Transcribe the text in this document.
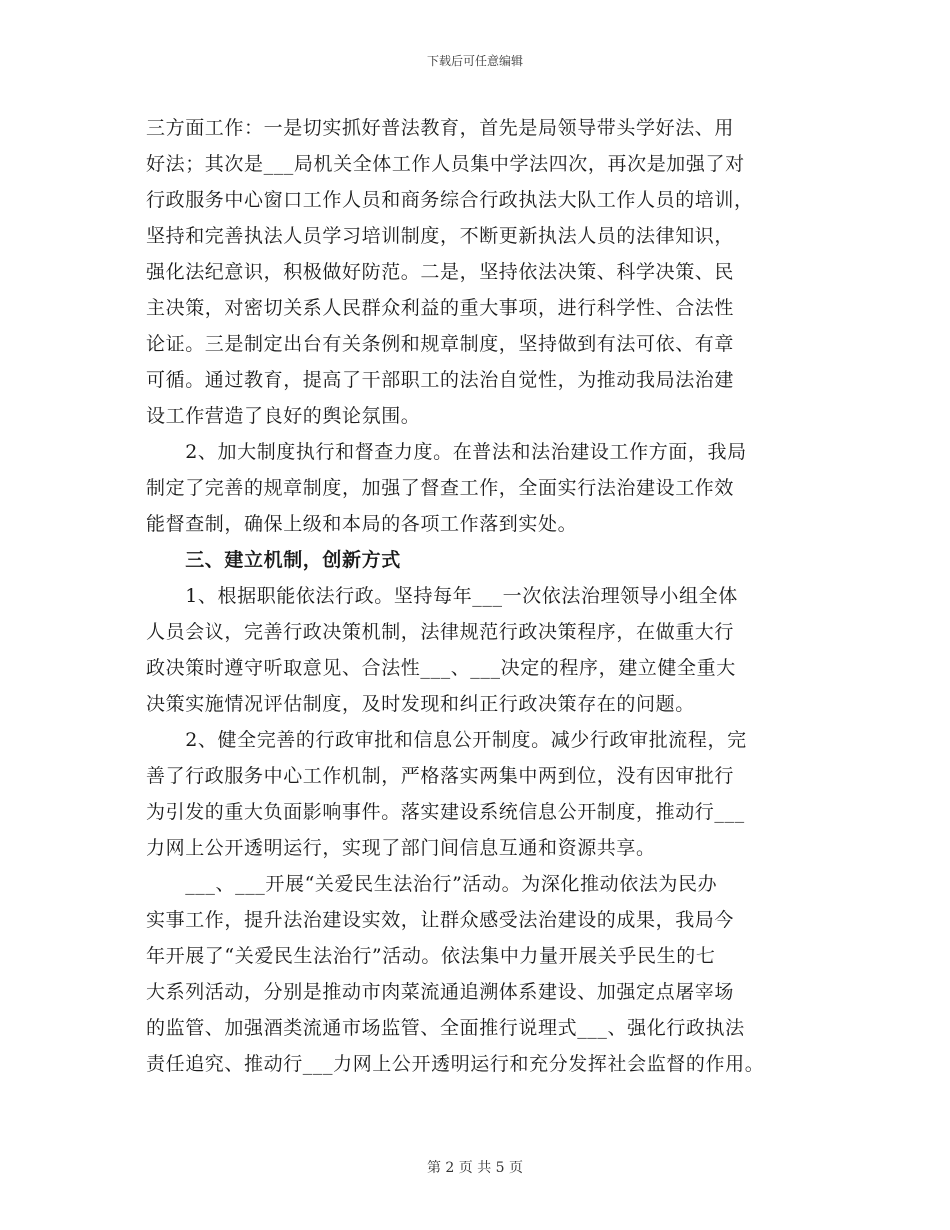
下载后可任意编辑
三方面工作：一是切实抓好普法教育，首先是局领导带头学好法、用
好法；其次是___局机关全体工作人员集中学法四次，再次是加强了对
行政服务中心窗口工作人员和商务综合行政执法大队工作人员的培训，
坚持和完善执法人员学习培训制度，不断更新执法人员的法律知识，
强化法纪意识，积极做好防范。二是，坚持依法决策、科学决策、民
主决策，对密切关系人民群众利益的重大事项，进行科学性、合法性
论证。三是制定出台有关条例和规章制度，坚持做到有法可依、有章
可循。通过教育，提高了干部职工的法治自觉性，为推动我局法治建
设工作营造了良好的舆论氛围。
　　2、加大制度执行和督查力度。在普法和法治建设工作方面，我局
制定了完善的规章制度，加强了督查工作，全面实行法治建设工作效
能督查制，确保上级和本局的各项工作落到实处。
　　三、建立机制，创新方式
　　1、根据职能依法行政。坚持每年___一次依法治理领导小组全体
人员会议，完善行政决策机制，法律规范行政决策程序，在做重大行
政决策时遵守听取意见、合法性___、___决定的程序，建立健全重大
决策实施情况评估制度，及时发现和纠正行政决策存在的问题。
　　2、健全完善的行政审批和信息公开制度。减少行政审批流程，完
善了行政服务中心工作机制，严格落实两集中两到位，没有因审批行
为引发的重大负面影响事件。落实建设系统信息公开制度，推动行___
力网上公开透明运行，实现了部门间信息互通和资源共享。
　　___、___开展“关爱民生法治行”活动。为深化推动依法为民办
实事工作，提升法治建设实效，让群众感受法治建设的成果，我局今
年开展了“关爱民生法治行”活动。依法集中力量开展关乎民生的七
大系列活动，分别是推动市肉菜流通追溯体系建设、加强定点屠宰场
的监管、加强酒类流通市场监管、全面推行说理式___、强化行政执法
责任追究、推动行___力网上公开透明运行和充分发挥社会监督的作用。
第 2 页 共 5 页
